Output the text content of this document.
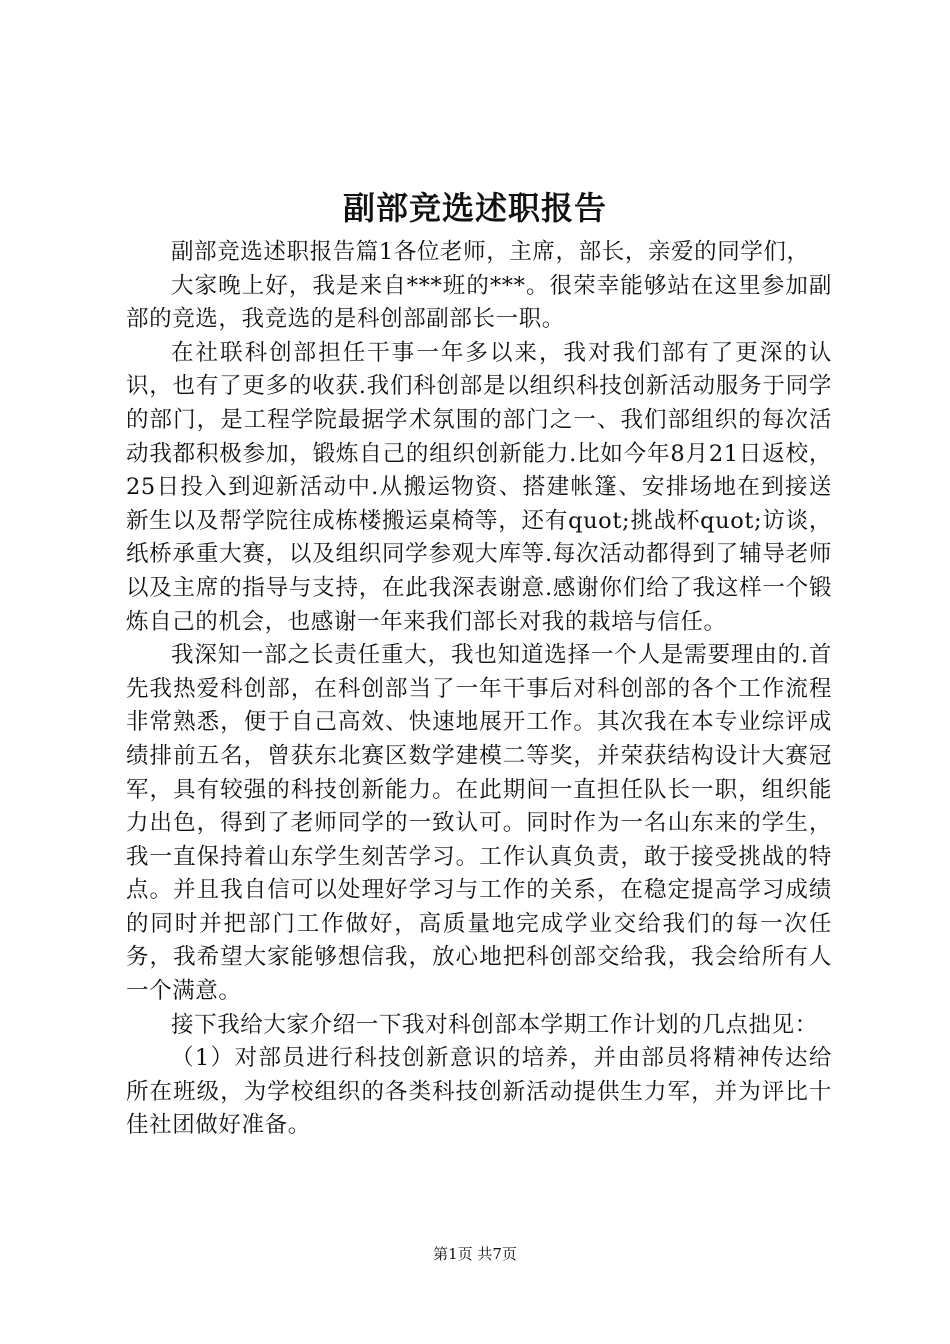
副部竞选述职报告

副部竞选述职报告篇1各位老师，主席，部长，亲爱的同学们，

大家晚上好，我是来自***班的***。很荣幸能够站在这里参加副部的竞选，我竞选的是科创部副部长一职。

在社联科创部担任干事一年多以来，我对我们部有了更深的认识，也有了更多的收获.我们科创部是以组织科技创新活动服务于同学的部门，是工程学院最据学术氛围的部门之一、我们部组织的每次活动我都积极参加，锻炼自己的组织创新能力.比如今年8月21日返校，25日投入到迎新活动中.从搬运物资、搭建帐篷、安排场地在到接送新生以及帮学院往成栋楼搬运桌椅等，还有quot;挑战杯quot;访谈，纸桥承重大赛，以及组织同学参观大库等.每次活动都得到了辅导老师以及主席的指导与支持，在此我深表谢意.感谢你们给了我这样一个锻炼自己的机会，也感谢一年来我们部长对我的栽培与信任。

我深知一部之长责任重大，我也知道选择一个人是需要理由的.首先我热爱科创部，在科创部当了一年干事后对科创部的各个工作流程非常熟悉，便于自己高效、快速地展开工作。其次我在本专业综评成绩排前五名，曾获东北赛区数学建模二等奖，并荣获结构设计大赛冠军，具有较强的科技创新能力。在此期间一直担任队长一职，组织能力出色，得到了老师同学的一致认可。同时作为一名山东来的学生，我一直保持着山东学生刻苦学习。工作认真负责，敢于接受挑战的特点。并且我自信可以处理好学习与工作的关系，在稳定提高学习成绩的同时并把部门工作做好，高质量地完成学业交给我们的每一次任务，我希望大家能够想信我，放心地把科创部交给我，我会给所有人一个满意。

接下我给大家介绍一下我对科创部本学期工作计划的几点拙见：

（1）对部员进行科技创新意识的培养，并由部员将精神传达给所在班级，为学校组织的各类科技创新活动提供生力军，并为评比十佳社团做好准备。

第1页 共7页
